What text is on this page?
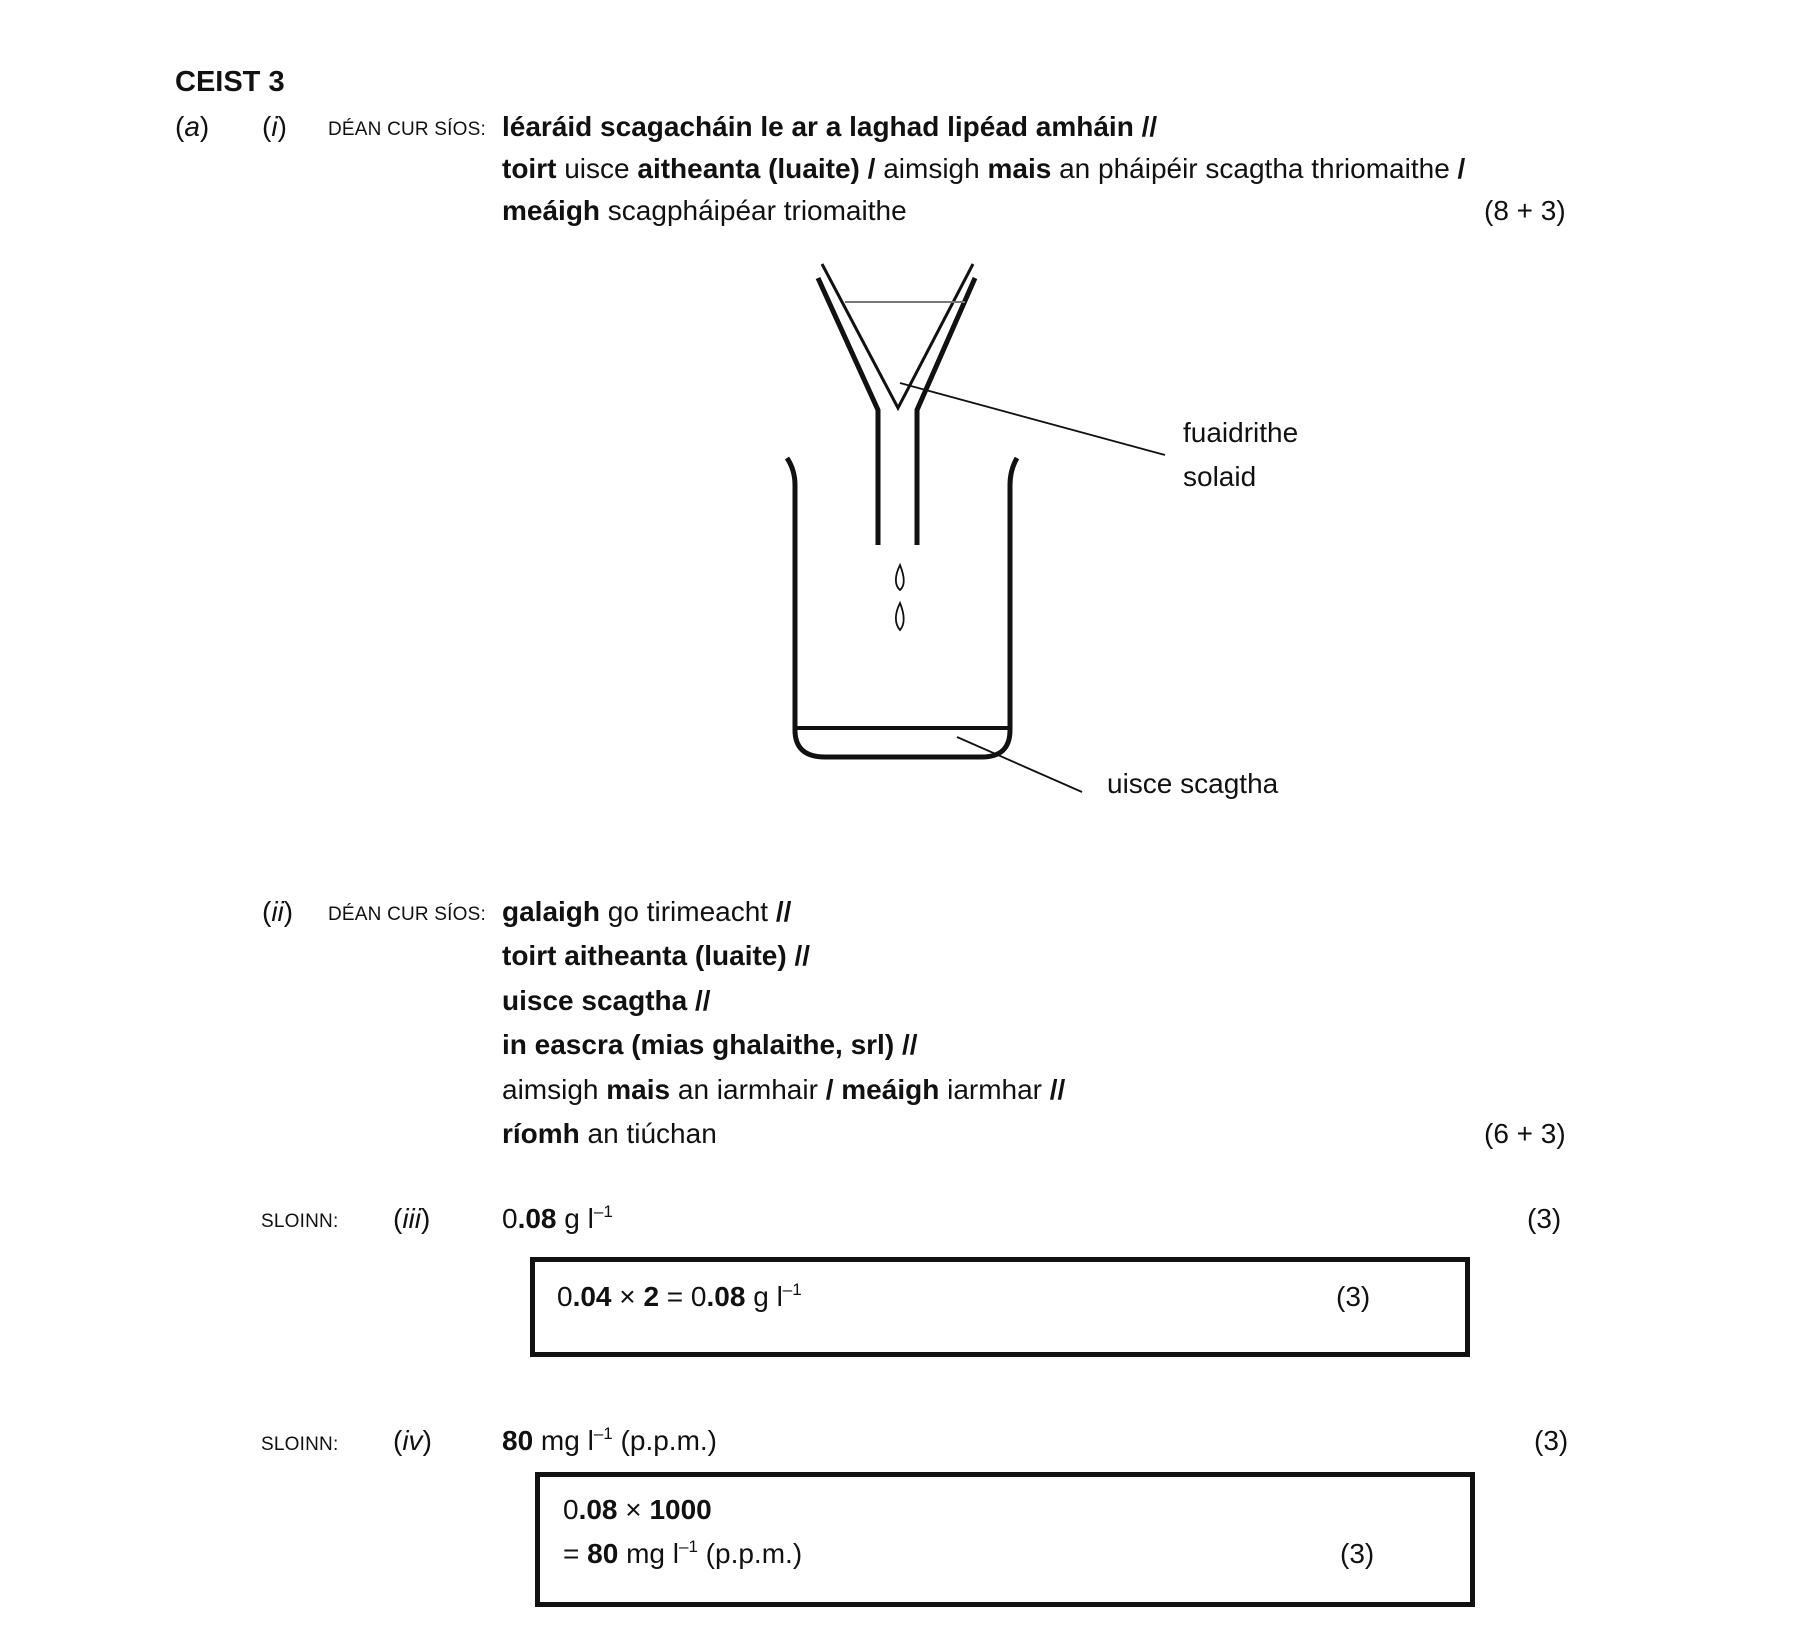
CEIST 3
(a) (i) DÉAN CUR SÍOS: léaráid scagacháin le ar a laghad lipéad amháin //
toirt uisce aitheanta (luaite) / aimsigh mais an pháipéir scagtha thriomaithe /
meáigh scagpháipéar triomaithe	(8 + 3)
fuaidrithe
solaid
uisce scagtha
(ii) DÉAN CUR SÍOS: galaigh go tirimeacht //
toirt aitheanta (luaite) //
uisce scagtha //
in eascra (mias ghalaithe, srl) //
aimsigh mais an iarmhair / meáigh iarmhar //
ríomh an tiúchan	(6 + 3)
SLOINN: (iii)	0.08 g $l^{-1}$	(3)
0.04 × 2 = 0.08 g $l^{-1}$	(3)
SLOINN: (iv)	80 mg $l^{-1}$ (p.p.m.)	(3)
0.08 × 1000
= 80 mg $l^{-1}$ (p.p.m.)	(3)
